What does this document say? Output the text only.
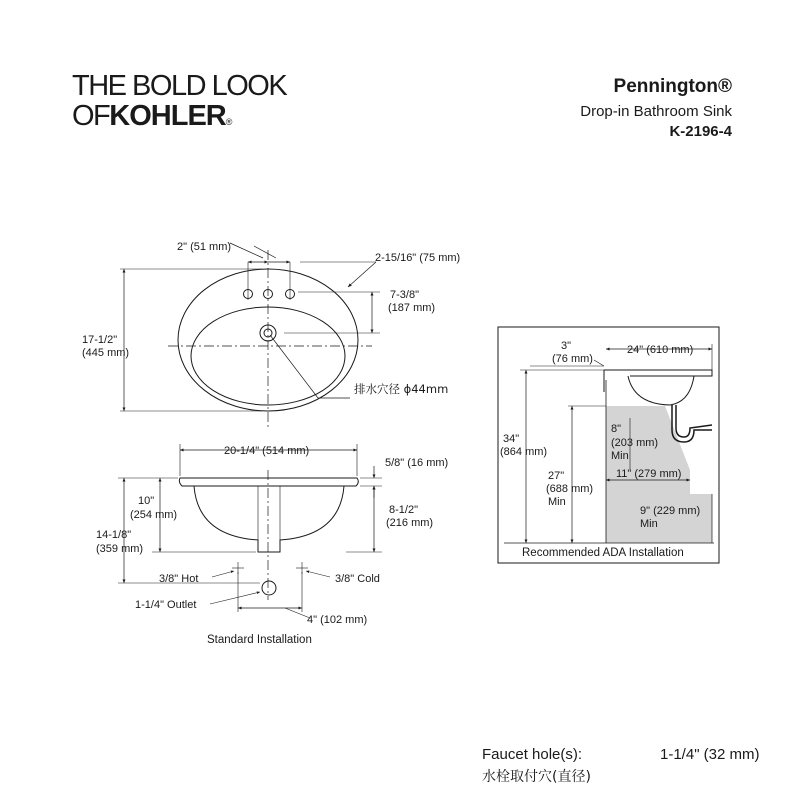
THE BOLD LOOK
OFKOHLER®
Pennington®
Drop-in Bathroom Sink
K-2196-4
2" (51 mm)
2-15/16" (75 mm)
7-3/8"
(187 mm)
17-1/2"
(445 mm)
排水穴径 ϕ44mm
20-1/4" (514 mm)
5/8" (16 mm)
10"
(254 mm)
14-1/8"
(359 mm)
8-1/2"
(216 mm)
3/8" Hot	3/8" Cold
1-1/4" Outlet
4" (102 mm)
Standard Installation
3"
(76 mm)
24" (610 mm)
34"
(864 mm)
27"
(688 mm)
Min
8"
(203 mm)
Min
11" (279 mm)
9" (229 mm)
Min
Recommended ADA Installation
Faucet hole(s):
水栓取付穴(直径)
1-1/4" (32 mm)
